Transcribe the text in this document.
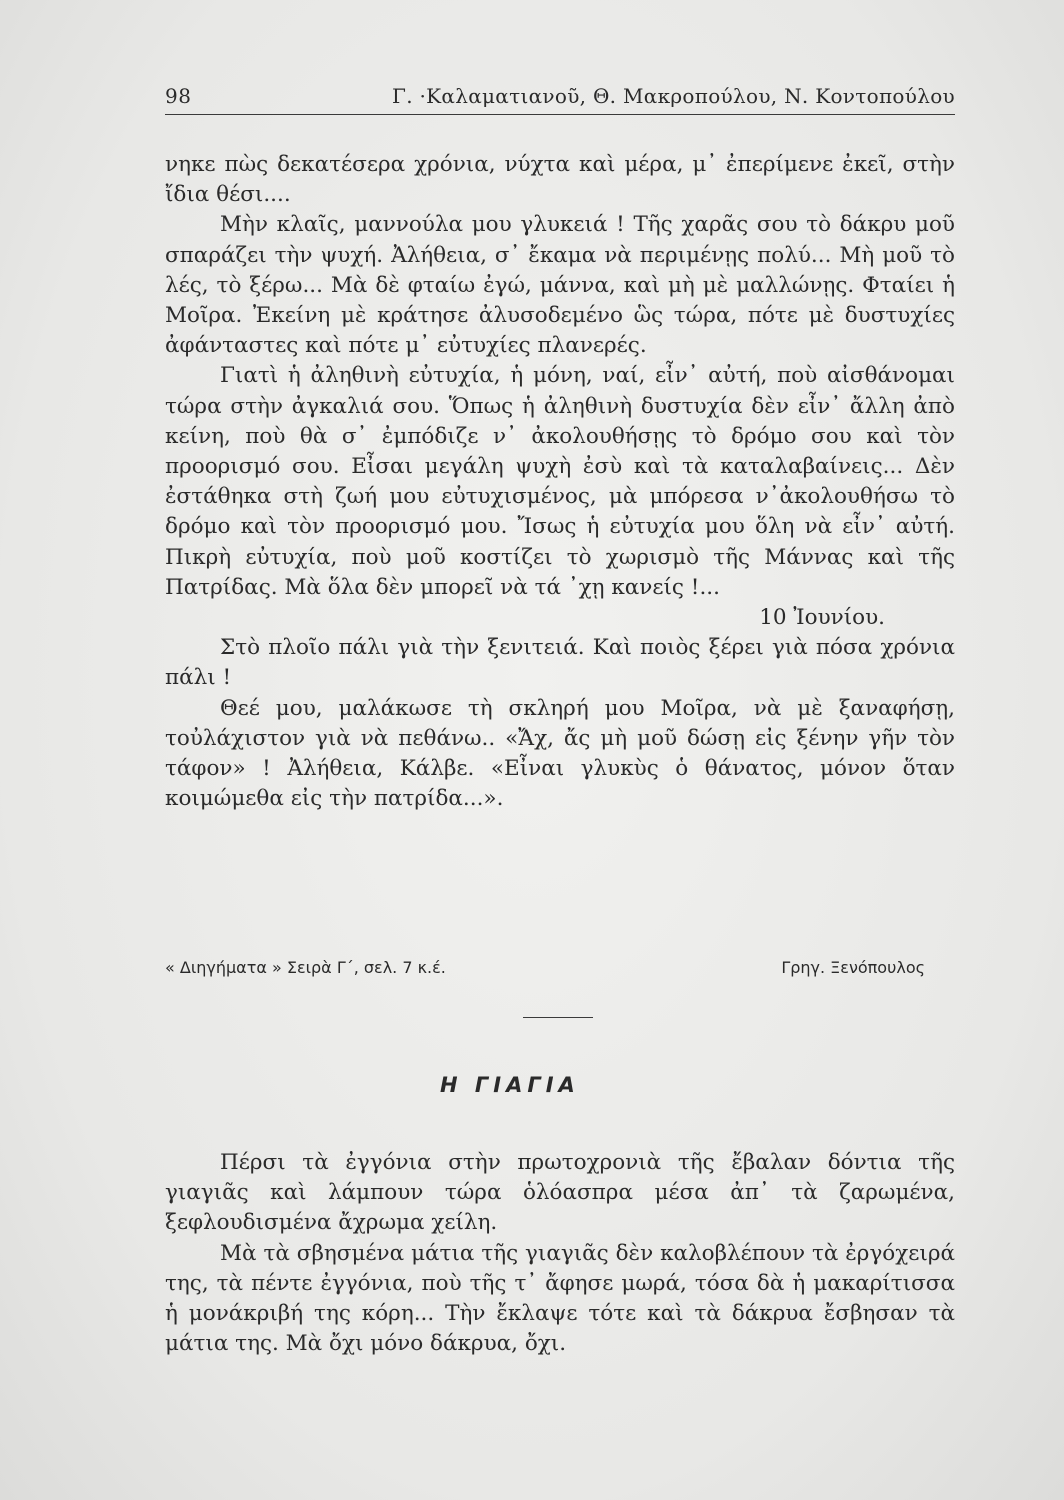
98	Γ. ·Καλαματιανοῦ, Θ. Μακροπούλου, Ν. Κοντοπούλου

νηκε πὼς δεκατέσερα χρόνια, νύχτα καὶ μέρα, μ᾽ ἐπερίμενε ἐκεῖ, στὴν ἴδια θέσι....

Μὴν κλαῖς, μαννούλα μου γλυκειά ! Τῆς χαρᾶς σου τὸ δάκρυ μοῦ σπαράζει τὴν ψυχή. Ἀλήθεια, σ᾽ ἔκαμα νὰ περιμένῃς πολύ... Μὴ μοῦ τὸ λές, τὸ ξέρω... Μὰ δὲ φταίω ἐγώ, μάννα, καὶ μὴ μὲ μαλλώνῃς. Φταίει ἡ Μοῖρα. Ἐκείνη μὲ κράτησε ἀλυσοδεμένο ὣς τώρα, πότε μὲ δυστυχίες ἀφάνταστες καὶ πότε μ᾽ εὐτυχίες πλανερές.

Γιατὶ ἡ ἀληθινὴ εὐτυχία, ἡ μόνη, ναί, εἶν᾽ αὐτή, ποὺ αἰσθάνομαι τώρα στὴν ἀγκαλιά σου. Ὅπως ἡ ἀληθινὴ δυστυχία δὲν εἶν᾽ ἄλλη ἀπὸ κείνη, ποὺ θὰ σ᾽ ἐμπόδιζε ν᾽ ἀκολουθήσῃς τὸ δρόμο σου καὶ τὸν προορισμό σου. Εἶσαι μεγάλη ψυχὴ ἐσὺ καὶ τὰ καταλαβαίνεις... Δὲν ἐστάθηκα στὴ ζωή μου εὐτυχισμένος, μὰ μπόρεσα ν᾽ἀκολουθήσω τὸ δρόμο καὶ τὸν προορισμό μου. Ἴσως ἡ εὐτυχία μου ὅλη νὰ εἶν᾽ αὐτή. Πικρὴ εὐτυχία, ποὺ μοῦ κοστίζει τὸ χωρισμὸ τῆς Μάννας καὶ τῆς Πατρίδας. Μὰ ὅλα δὲν μπορεῖ νὰ τά ᾽χῃ κανείς !...

10 Ἰουνίου.

Στὸ πλοῖο πάλι γιὰ τὴν ξενιτειά. Καὶ ποιὸς ξέρει γιὰ πόσα χρόνια πάλι !

Θεέ μου, μαλάκωσε τὴ σκληρή μου Μοῖρα, νὰ μὲ ξαναφήσῃ, τοὐλάχιστον γιὰ νὰ πεθάνω.. «Ἄχ, ἄς μὴ μοῦ δώσῃ εἰς ξένην γῆν τὸν τάφον» ! Ἀλήθεια, Κάλβε. «Εἶναι γλυκὺς ὁ θάνατος, μόνον ὅταν κοιμώμεθα εἰς τὴν πατρίδα...».

« Διηγήματα » Σειρὰ Γ΄, σελ. 7 κ.έ.	Γρηγ. Ξενόπουλος
Η ΓΙΑΓΙΑ

Πέρσι τὰ ἐγγόνια στὴν πρωτοχρονιὰ τῆς ἔβαλαν δόντια τῆς γιαγιᾶς καὶ λάμπουν τώρα ὁλόασπρα μέσα ἀπ᾽ τὰ ζαρωμένα, ξεφλουδισμένα ἄχρωμα χείλη.

Μὰ τὰ σβησμένα μάτια τῆς γιαγιᾶς δὲν καλοβλέπουν τὰ ἐργόχειρά της, τὰ πέντε ἐγγόνια, ποὺ τῆς τ᾽ ἄφησε μωρά, τόσα δὰ ἡ μακαρίτισσα ἡ μονάκριβή της κόρη... Τὴν ἔκλαψε τότε καὶ τὰ δάκρυα ἔσβησαν τὰ μάτια της. Μὰ ὄχι μόνο δάκρυα, ὄχι.
